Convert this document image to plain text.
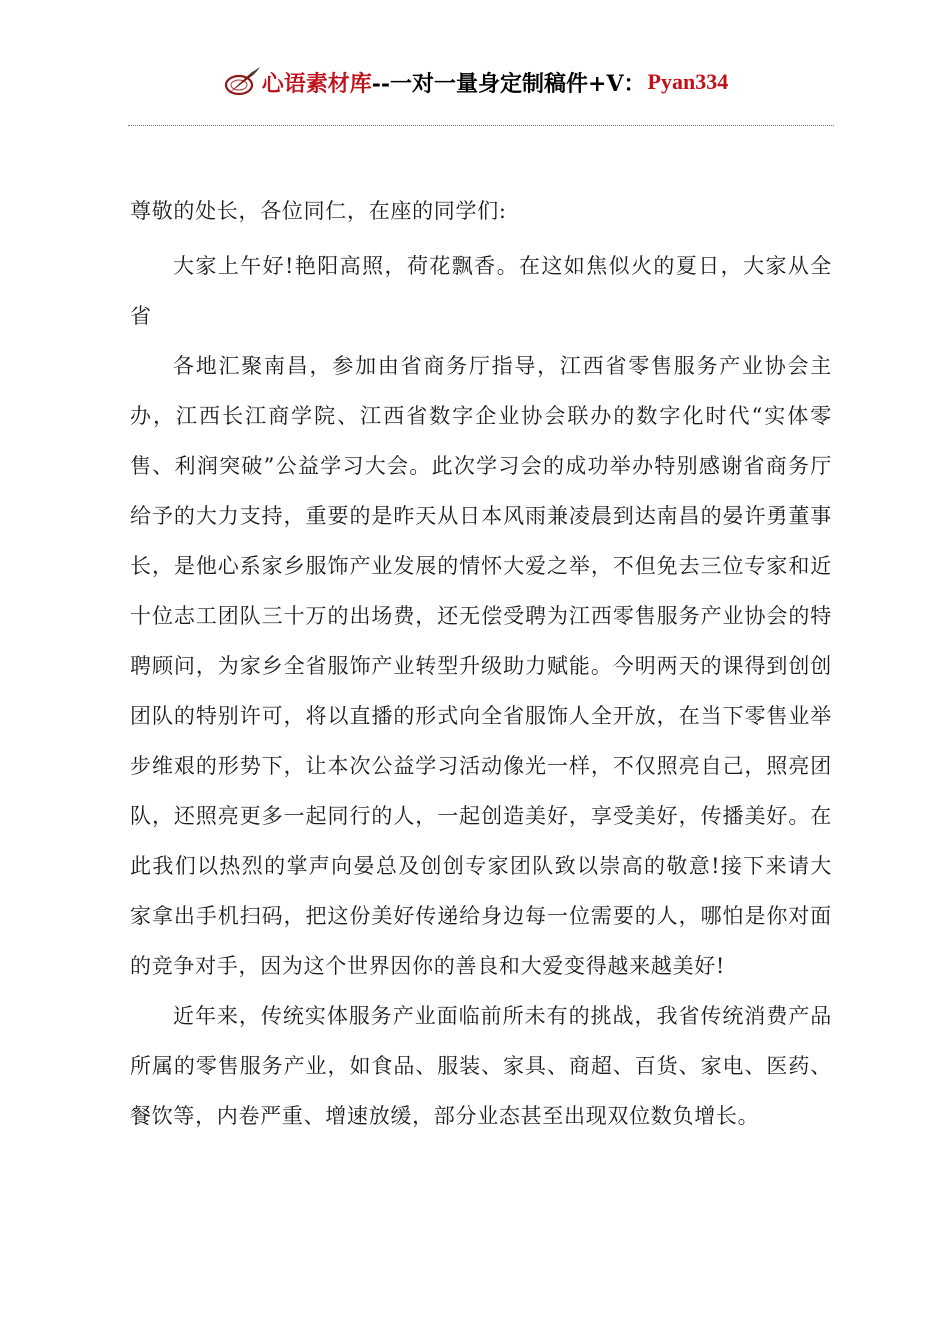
心语素材库 --一对一量身定制稿件+V： Pyan334

尊敬的处长，各位同仁，在座的同学们:

大家上午好!艳阳高照，荷花飘香。在这如焦似火的夏日，大家从全省

各地汇聚南昌，参加由省商务厅指导，江西省零售服务产业协会主办，江西长江商学院、江西省数字企业协会联办的数字化时代“实体零售、利润突破”公益学习大会。此次学习会的成功举办特别感谢省商务厅给予的大力支持，重要的是昨天从日本风雨兼凌晨到达南昌的晏许勇董事长，是他心系家乡服饰产业发展的情怀大爱之举，不但免去三位专家和近十位志工团队三十万的出场费，还无偿受聘为江西零售服务产业协会的特聘顾问，为家乡全省服饰产业转型升级助力赋能。今明两天的课得到创创团队的特别许可，将以直播的形式向全省服饰人全开放，在当下零售业举步维艰的形势下，让本次公益学习活动像光一样，不仅照亮自己，照亮团队，还照亮更多一起同行的人，一起创造美好，享受美好，传播美好。在此我们以热烈的掌声向晏总及创创专家团队致以崇高的敬意!接下来请大家拿出手机扫码，把这份美好传递给身边每一位需要的人，哪怕是你对面的竞争对手，因为这个世界因你的善良和大爱变得越来越美好!

近年来，传统实体服务产业面临前所未有的挑战，我省传统消费产品所属的零售服务产业，如食品、服装、家具、商超、百货、家电、医药、餐饮等，内卷严重、增速放缓，部分业态甚至出现双位数负增长。
